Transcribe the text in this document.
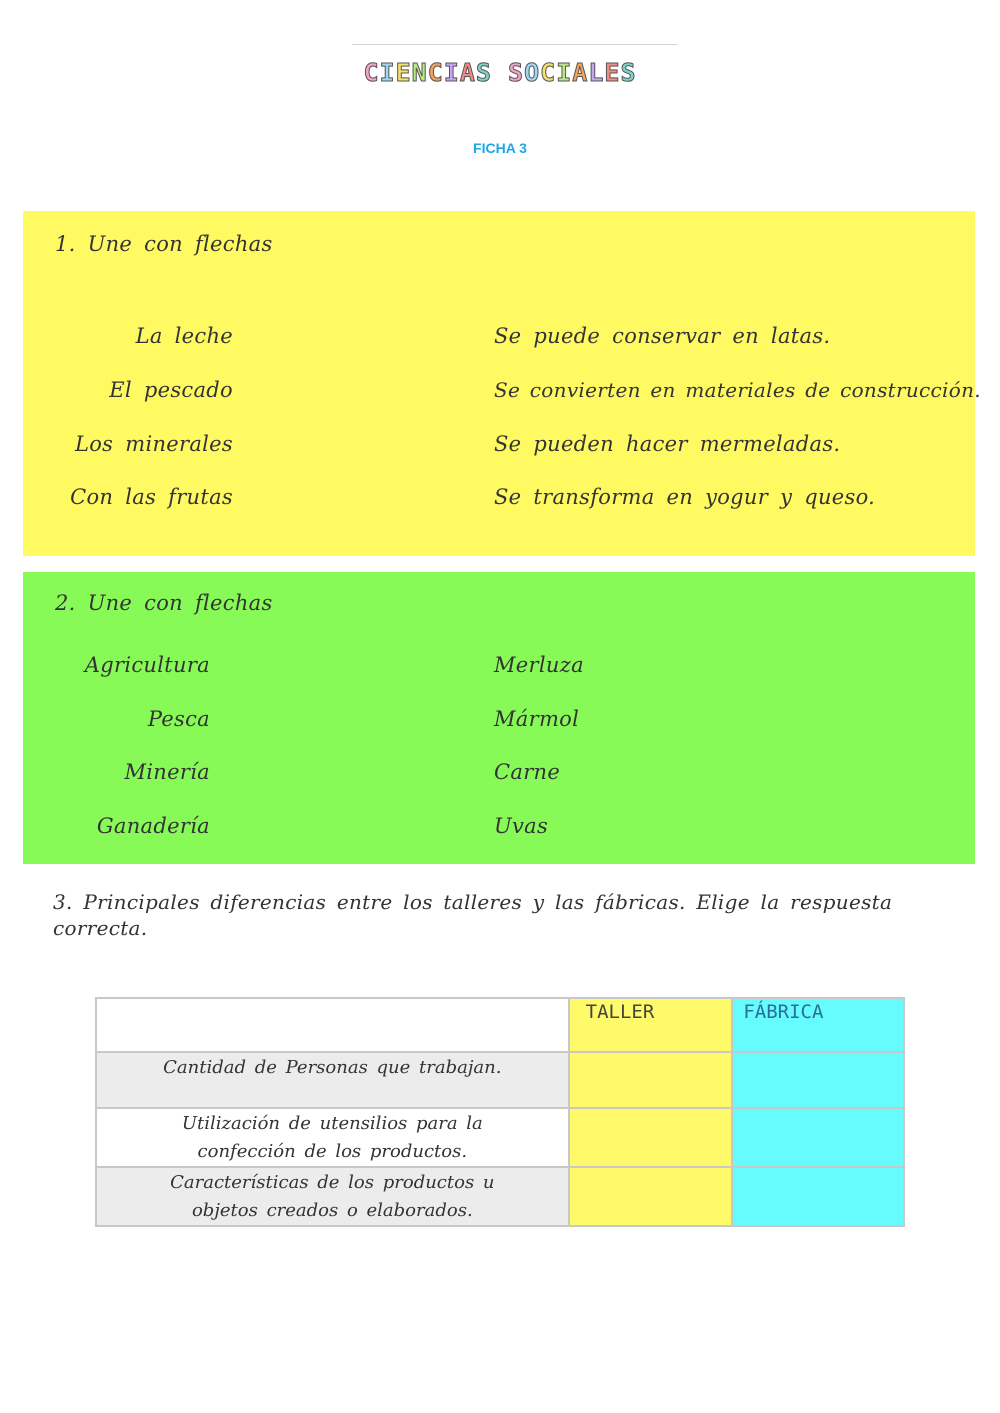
CIENCIAS SOCIALES
FICHA 3
1. Une con flechas
La leche
El pescado
Los minerales
Con las frutas
Se puede conservar en latas.
Se convierten en materiales de construcción.
Se pueden hacer mermeladas.
Se transforma en yogur y queso.
2. Une con flechas
Agricultura
Pesca
Minería
Ganadería
Merluza
Mármol
Carne
Uvas
3. Principales diferencias entre los talleres y las fábricas. Elige la respuesta
correcta.

	TALLER	FÁBRICA

Cantidad de Personas que trabajan.		

Utilización de utensilios para la
confección de los productos.		

Características de los productos u
objetos creados o elaborados.		
